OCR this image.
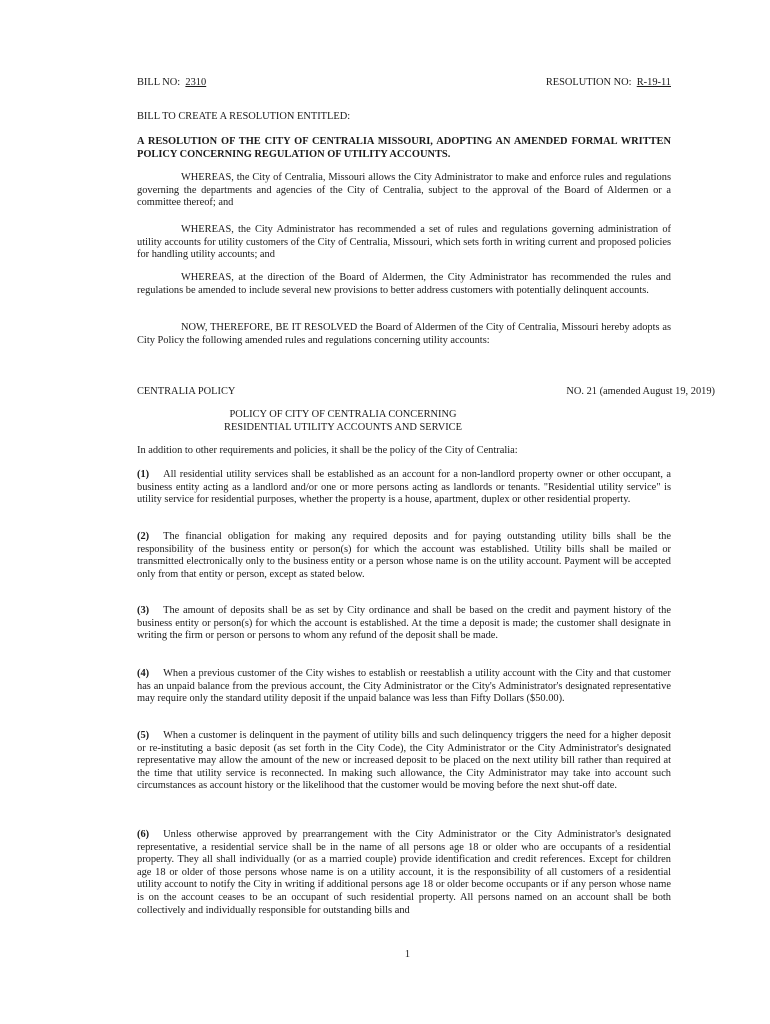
BILL NO: 2310	RESOLUTION NO: R-19-11
BILL TO CREATE A RESOLUTION ENTITLED:
A RESOLUTION OF THE CITY OF CENTRALIA MISSOURI, ADOPTING AN AMENDED FORMAL WRITTEN POLICY CONCERNING REGULATION OF UTILITY ACCOUNTS.
WHEREAS, the City of Centralia, Missouri allows the City Administrator to make and enforce rules and regulations governing the departments and agencies of the City of Centralia, subject to the approval of the Board of Aldermen or a committee thereof; and
WHEREAS, the City Administrator has recommended a set of rules and regulations governing administration of utility accounts for utility customers of the City of Centralia, Missouri, which sets forth in writing current and proposed policies for handling utility accounts; and
WHEREAS, at the direction of the Board of Aldermen, the City Administrator has recommended the rules and regulations be amended to include several new provisions to better address customers with potentially delinquent accounts.
NOW, THEREFORE, BE IT RESOLVED the Board of Aldermen of the City of Centralia, Missouri hereby adopts as City Policy the following amended rules and regulations concerning utility accounts:
CENTRALIA POLICY	NO. 21 (amended August 19, 2019)
POLICY OF CITY OF CENTRALIA CONCERNING
RESIDENTIAL UTILITY ACCOUNTS AND SERVICE
In addition to other requirements and policies, it shall be the policy of the City of Centralia:
(1) All residential utility services shall be established as an account for a non-landlord property owner or other occupant, a business entity acting as a landlord and/or one or more persons acting as landlords or tenants. "Residential utility service" is utility service for residential purposes, whether the property is a house, apartment, duplex or other residential property.
(2) The financial obligation for making any required deposits and for paying outstanding utility bills shall be the responsibility of the business entity or person(s) for which the account was established. Utility bills shall be mailed or transmitted electronically only to the business entity or a person whose name is on the utility account. Payment will be accepted only from that entity or person, except as stated below.
(3) The amount of deposits shall be as set by City ordinance and shall be based on the credit and payment history of the business entity or person(s) for which the account is established. At the time a deposit is made; the customer shall designate in writing the firm or person or persons to whom any refund of the deposit shall be made.
(4) When a previous customer of the City wishes to establish or reestablish a utility account with the City and that customer has an unpaid balance from the previous account, the City Administrator or the City's Administrator's designated representative may require only the standard utility deposit if the unpaid balance was less than Fifty Dollars ($50.00).
(5) When a customer is delinquent in the payment of utility bills and such delinquency triggers the need for a higher deposit or re-instituting a basic deposit (as set forth in the City Code), the City Administrator or the City Administrator's designated representative may allow the amount of the new or increased deposit to be placed on the next utility bill rather than required at the time that utility service is reconnected. In making such allowance, the City Administrator may take into account such circumstances as account history or the likelihood that the customer would be moving before the next shut-off date.
(6) Unless otherwise approved by prearrangement with the City Administrator or the City Administrator's designated representative, a residential service shall be in the name of all persons age 18 or older who are occupants of a residential property. They all shall individually (or as a married couple) provide identification and credit references. Except for children age 18 or older of those persons whose name is on a utility account, it is the responsibility of all customers of a residential utility account to notify the City in writing if additional persons age 18 or older become occupants or if any person whose name is on the account ceases to be an occupant of such residential property. All persons named on an account shall be both collectively and individually responsible for outstanding bills and
1
